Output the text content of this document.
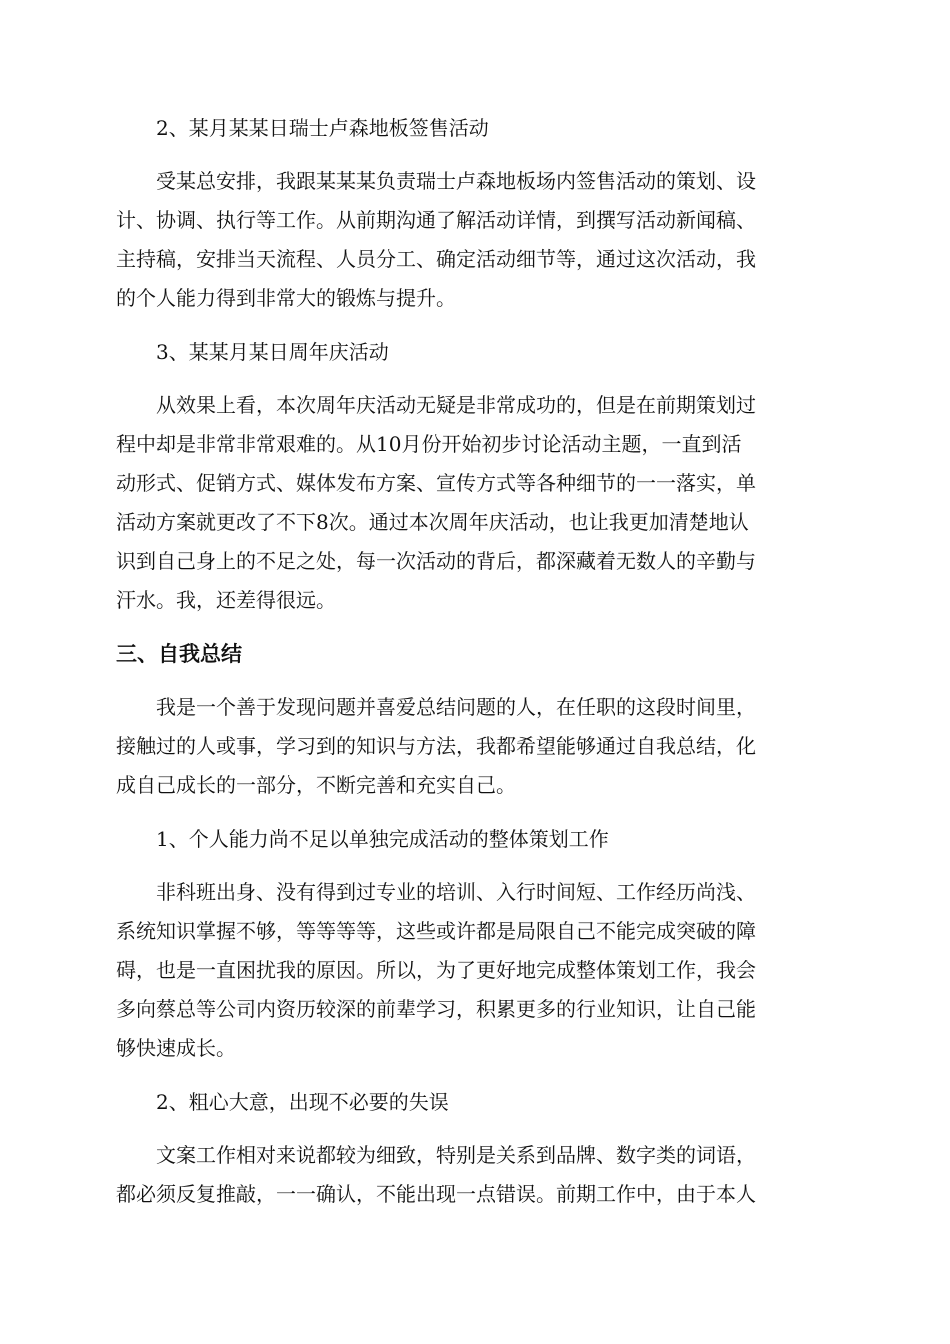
2、某月某某日瑞士卢森地板签售活动
受某总安排，我跟某某某负责瑞士卢森地板场内签售活动的策划、设
计、协调、执行等工作。从前期沟通了解活动详情，到撰写活动新闻稿、
主持稿，安排当天流程、人员分工、确定活动细节等，通过这次活动，我
的个人能力得到非常大的锻炼与提升。
3、某某月某日周年庆活动
从效果上看，本次周年庆活动无疑是非常成功的，但是在前期策划过
程中却是非常非常艰难的。从10月份开始初步讨论活动主题，一直到活
动形式、促销方式、媒体发布方案、宣传方式等各种细节的一一落实，单
活动方案就更改了不下8次。通过本次周年庆活动，也让我更加清楚地认
识到自己身上的不足之处，每一次活动的背后，都深藏着无数人的辛勤与
汗水。我，还差得很远。
三、自我总结
我是一个善于发现问题并喜爱总结问题的人，在任职的这段时间里，
接触过的人或事，学习到的知识与方法，我都希望能够通过自我总结，化
成自己成长的一部分，不断完善和充实自己。
1、个人能力尚不足以单独完成活动的整体策划工作
非科班出身、没有得到过专业的培训、入行时间短、工作经历尚浅、
系统知识掌握不够，等等等等，这些或许都是局限自己不能完成突破的障
碍，也是一直困扰我的原因。所以，为了更好地完成整体策划工作，我会
多向蔡总等公司内资历较深的前辈学习，积累更多的行业知识，让自己能
够快速成长。
2、粗心大意，出现不必要的失误
文案工作相对来说都较为细致，特别是关系到品牌、数字类的词语，
都必须反复推敲，一一确认，不能出现一点错误。前期工作中，由于本人
